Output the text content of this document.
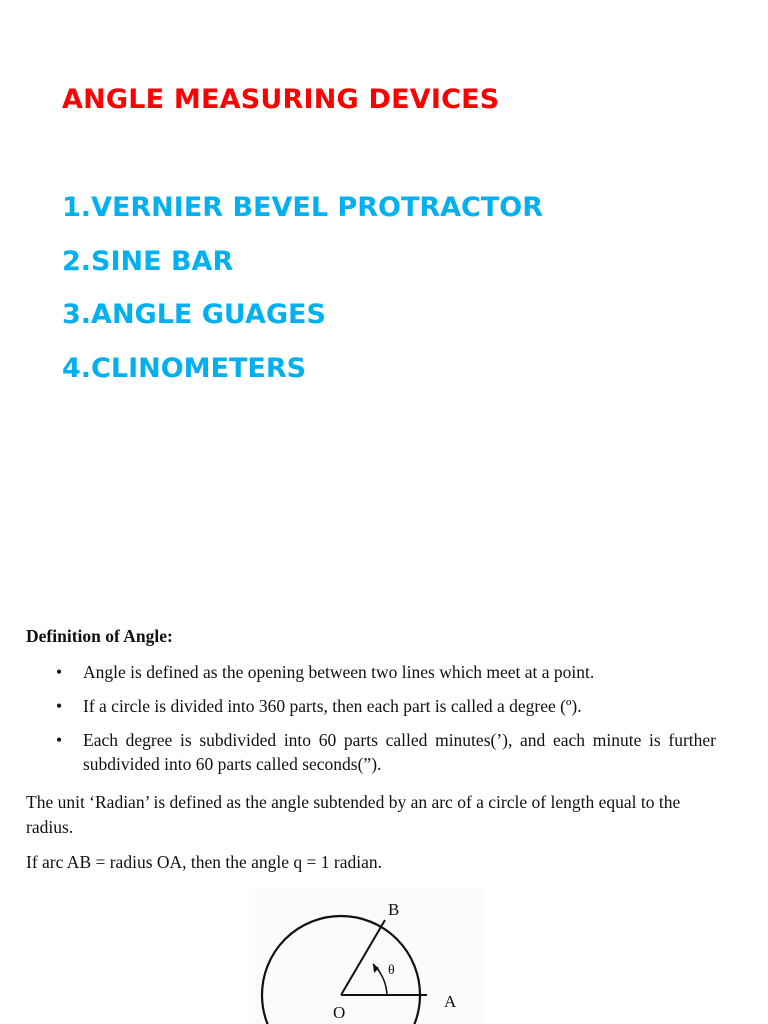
ANGLE MEASURING DEVICES
1.VERNIER BEVEL PROTRACTOR
2.SINE BAR
3.ANGLE GUAGES
4.CLINOMETERS
Definition of Angle:
• Angle is defined as the opening between two lines which meet at a point.
• If a circle is divided into 360 parts, then each part is called a degree (º).
• Each degree is subdivided into 60 parts called minutes(’), and each minute is further subdivided into 60 parts called seconds(”).
The unit ‘Radian’ is defined as the angle subtended by an arc of a circle of length equal to the radius.
If arc AB = radius OA, then the angle q = 1 radian.
B
A
O
θ
